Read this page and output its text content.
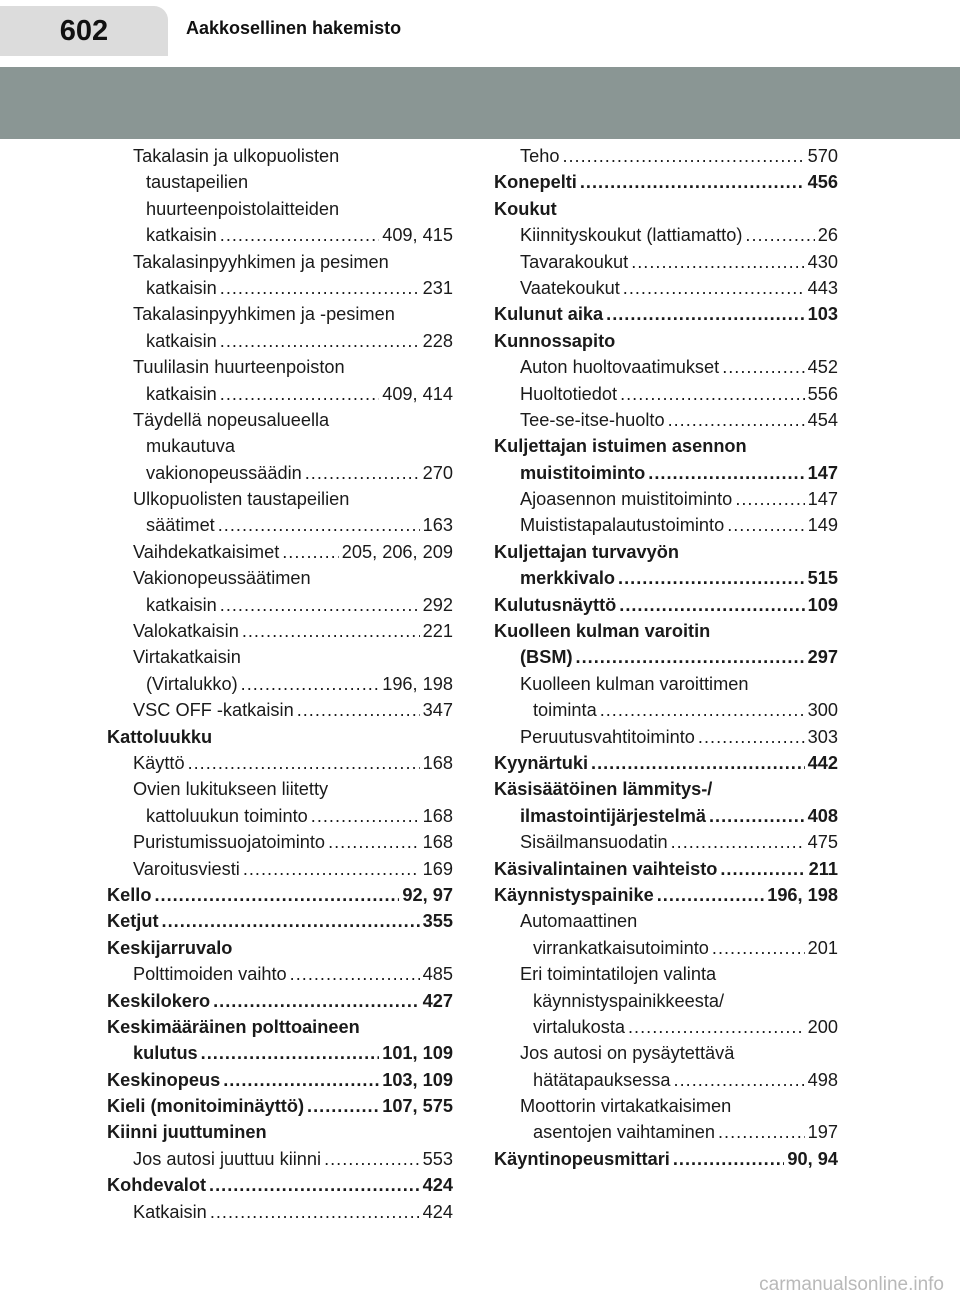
602	Aakkosellinen hakemisto
Takalasin ja ulkopuolisten
taustapeilien
huurteenpoistolaitteiden
katkaisin .....	409, 415
Takalasinpyyhkimen ja pesimen
katkaisin .....	231
Takalasinpyyhkimen ja -pesimen
katkaisin .....	228
Tuulilasin huurteenpoiston
katkaisin .....	409, 414
Täydellä nopeusalueella
mukautuva
vakionopeussäädin .....	270
Ulkopuolisten taustapeilien
säätimet .....	163
Vaihdekatkaisimet .....	205, 206, 209
Vakionopeussäätimen
katkaisin .....	292
Valokatkaisin .....	221
Virtakatkaisin
(Virtalukko) .....	196, 198
VSC OFF -katkaisin .....	347
Kattoluukku
Käyttö .....	168
Ovien lukitukseen liitetty
kattoluukun toiminto .....	168
Puristumissuojatoiminto .....	168
Varoitusviesti .....	169
Kello .....	92, 97
Ketjut .....	355
Keskijarruvalo
Polttimoiden vaihto .....	485
Keskilokero .....	427
Keskimääräinen polttoaineen
kulutus .....	101, 109
Keskinopeus .....	103, 109
Kieli (monitoiminäyttö) .....	107, 575
Kiinni juuttuminen
Jos autosi juuttuu kiinni .....	553
Kohdevalot .....	424
Katkaisin .....	424
Teho .....	570
Konepelti .....	456
Koukut
Kiinnityskoukut (lattiamatto) .....	26
Tavarakoukut .....	430
Vaatekoukut .....	443
Kulunut aika .....	103
Kunnossapito
Auton huoltovaatimukset .....	452
Huoltotiedot .....	556
Tee-se-itse-huolto .....	454
Kuljettajan istuimen asennon
muistitoiminto .....	147
Ajoasennon muistitoiminto .....	147
Muististapalautustoiminto .....	149
Kuljettajan turvavyön
merkkivalo .....	515
Kulutusnäyttö .....	109
Kuolleen kulman varoitin
(BSM) .....	297
Kuolleen kulman varoittimen
toiminta .....	300
Peruutusvahtitoiminto .....	303
Kyynärtuki .....	442
Käsisäätöinen lämmitys-/
ilmastointijärjestelmä .....	408
Sisäilmansuodatin .....	475
Käsivalintainen vaihteisto .....	211
Käynnistyspainike .....	196, 198
Automaattinen
virrankatkaisutoiminto .....	201
Eri toimintatilojen valinta
käynnistyspainikkeesta/
virtalukosta .....	200
Jos autosi on pysäytettävä
hätätapauksessa .....	498
Moottorin virtakatkaisimen
asentojen vaihtaminen .....	197
Käyntinopeusmittari .....	90, 94
carmanualsonline.info
